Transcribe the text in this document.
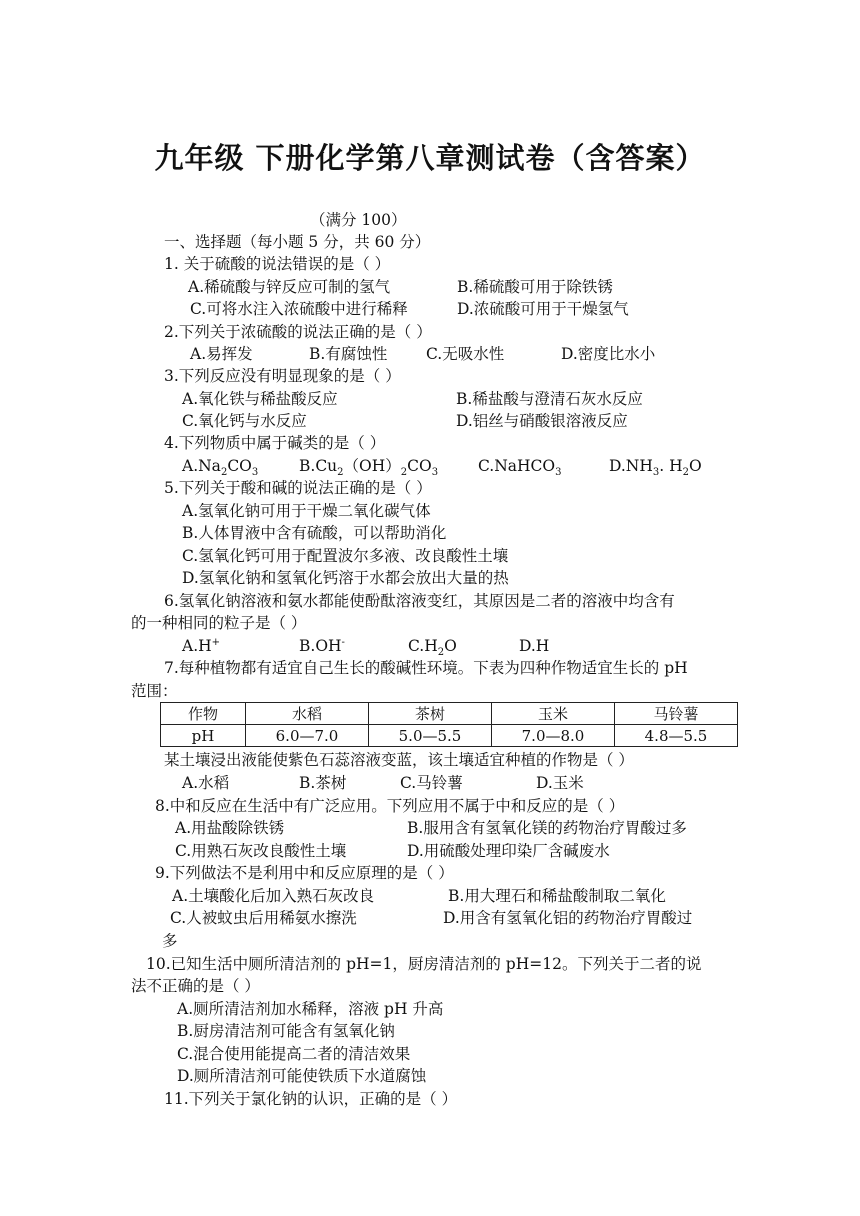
九年级 下册化学第八章测试卷（含答案）
（满分 100）
一、选择题（每小题 5 分，共 60 分）
1. 关于硫酸的说法错误的是（ ）
A.稀硫酸与锌反应可制的氢气	B.稀硫酸可用于除铁锈
C.可将水注入浓硫酸中进行稀释	D.浓硫酸可用于干燥氢气
2.下列关于浓硫酸的说法正确的是（ ）
A.易挥发	B.有腐蚀性 C.无吸水性	D.密度比水小
3.下列反应没有明显现象的是（ ）
A.氧化铁与稀盐酸反应	B.稀盐酸与澄清石灰水反应
C.氧化钙与水反应	D.铝丝与硝酸银溶液反应
4.下列物质中属于碱类的是（ ）
$A.Na_2CO_3$	$B.Cu_2(OH)_2CO_3$	C.NaHCO$_3$	$D.NH_3$. $H_2O$
5.下列关于酸和碱的说法正确的是（ ）
A.氢氧化钠可用于干燥二氧化碳气体
B.人体胃液中含有硫酸，可以帮助消化
C.氢氧化钙可用于配置波尔多液、改良酸性土壤
D.氢氧化钠和氢氧化钙溶于水都会放出大量的热
6.氢氧化钠溶液和氨水都能使酚酞溶液变红，其原因是二者的溶液中均含有
的一种相同的粒子是（ ）
A.H+	B.OH-	$C.H_2O$	D.H
7.每种植物都有适宜自己生长的酸碱性环境。下表为四种作物适宜生长的 pH
范围：
作物	水稻	茶树	玉米	马铃薯
pH	6.0—7.0	5.0—5.5	7.0—8.0	4.8—5.5
某土壤浸出液能使紫色石蕊溶液变蓝，该土壤适宜种植的作物是（ ）
A.水稻	B.茶树	C.马铃薯	D.玉米
8.中和反应在生活中有广泛应用。下列应用不属于中和反应的是（ ）
A.用盐酸除铁锈	B.服用含有氢氧化镁的药物治疗胃酸过多
C.用熟石灰改良酸性土壤	D.用硫酸处理印染厂含碱废水
9.下列做法不是利用中和反应原理的是（ ）
A.土壤酸化后加入熟石灰改良	B.用大理石和稀盐酸制取二氧化
C.人被蚊虫后用稀氨水擦洗	D.用含有氢氧化铝的药物治疗胃酸过
多
10.已知生活中厕所清洁剂的 pH=1，厨房清洁剂的 pH=12。下列关于二者的说
法不正确的是（ ）
A.厕所清洁剂加水稀释，溶液 pH 升高
B.厨房清洁剂可能含有氢氧化钠
C.混合使用能提高二者的清洁效果
D.厕所清洁剂可能使铁质下水道腐蚀
11.下列关于氯化钠的认识，正确的是（ ）
